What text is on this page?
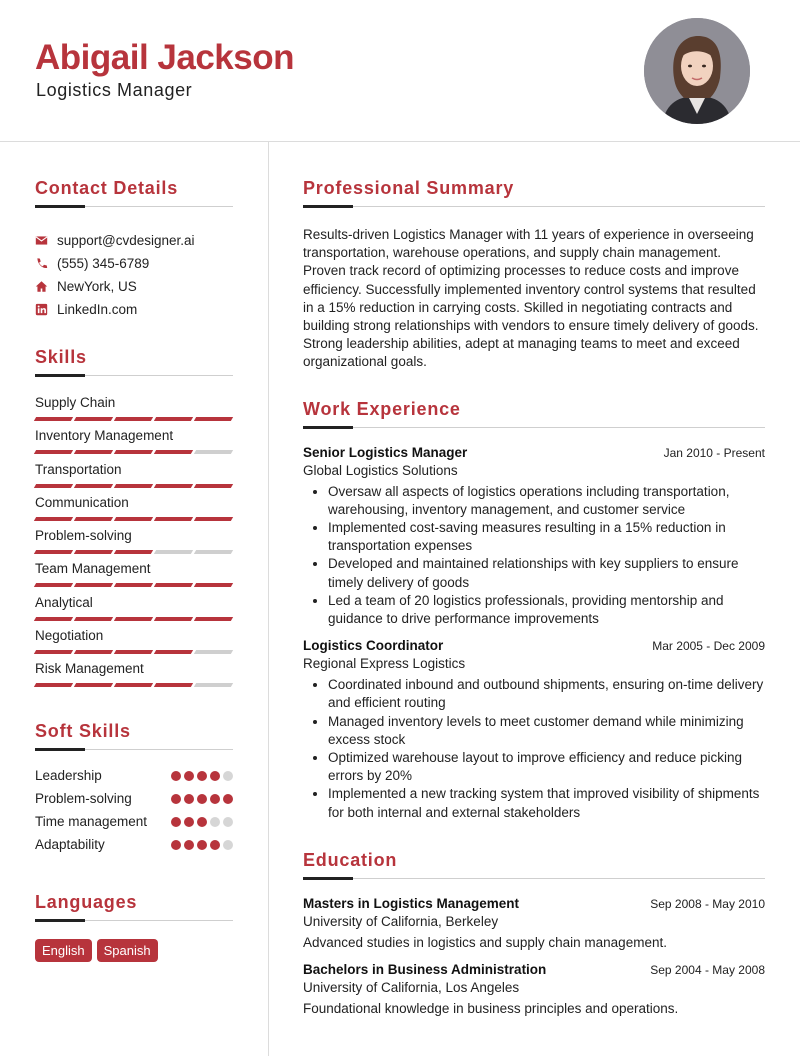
Abigail Jackson
Logistics Manager
Contact Details
support@cvdesigner.ai
(555) 345-6789
NewYork, US
LinkedIn.com
Skills
Supply Chain
Inventory Management
Transportation
Communication
Problem-solving
Team Management
Analytical
Negotiation
Risk Management
Soft Skills
Leadership
Problem-solving
Time management
Adaptability
Languages
English	Spanish
Professional Summary

Results-driven Logistics Manager with 11 years of experience in overseeing transportation, warehouse operations, and supply chain management. Proven track record of optimizing processes to reduce costs and improve efficiency. Successfully implemented inventory control systems that resulted in a 15% reduction in carrying costs. Skilled in negotiating contracts and building strong relationships with vendors to ensure timely delivery of goods. Strong leadership abilities, adept at managing teams to meet and exceed organizational goals.

Work Experience
Senior Logistics Manager	Jan 2010 - Present
Global Logistics Solutions
• Oversaw all aspects of logistics operations including transportation, warehousing, inventory management, and customer service
• Implemented cost-saving measures resulting in a 15% reduction in transportation expenses
• Developed and maintained relationships with key suppliers to ensure timely delivery of goods
• Led a team of 20 logistics professionals, providing mentorship and guidance to drive performance improvements
Logistics Coordinator	Mar 2005 - Dec 2009
Regional Express Logistics
• Coordinated inbound and outbound shipments, ensuring on-time delivery and efficient routing
• Managed inventory levels to meet customer demand while minimizing excess stock
• Optimized warehouse layout to improve efficiency and reduce picking errors by 20%
• Implemented a new tracking system that improved visibility of shipments for both internal and external stakeholders
Education
Masters in Logistics Management	Sep 2008 - May 2010
University of California, Berkeley
Advanced studies in logistics and supply chain management.
Bachelors in Business Administration	Sep 2004 - May 2008
University of California, Los Angeles
Foundational knowledge in business principles and operations.
